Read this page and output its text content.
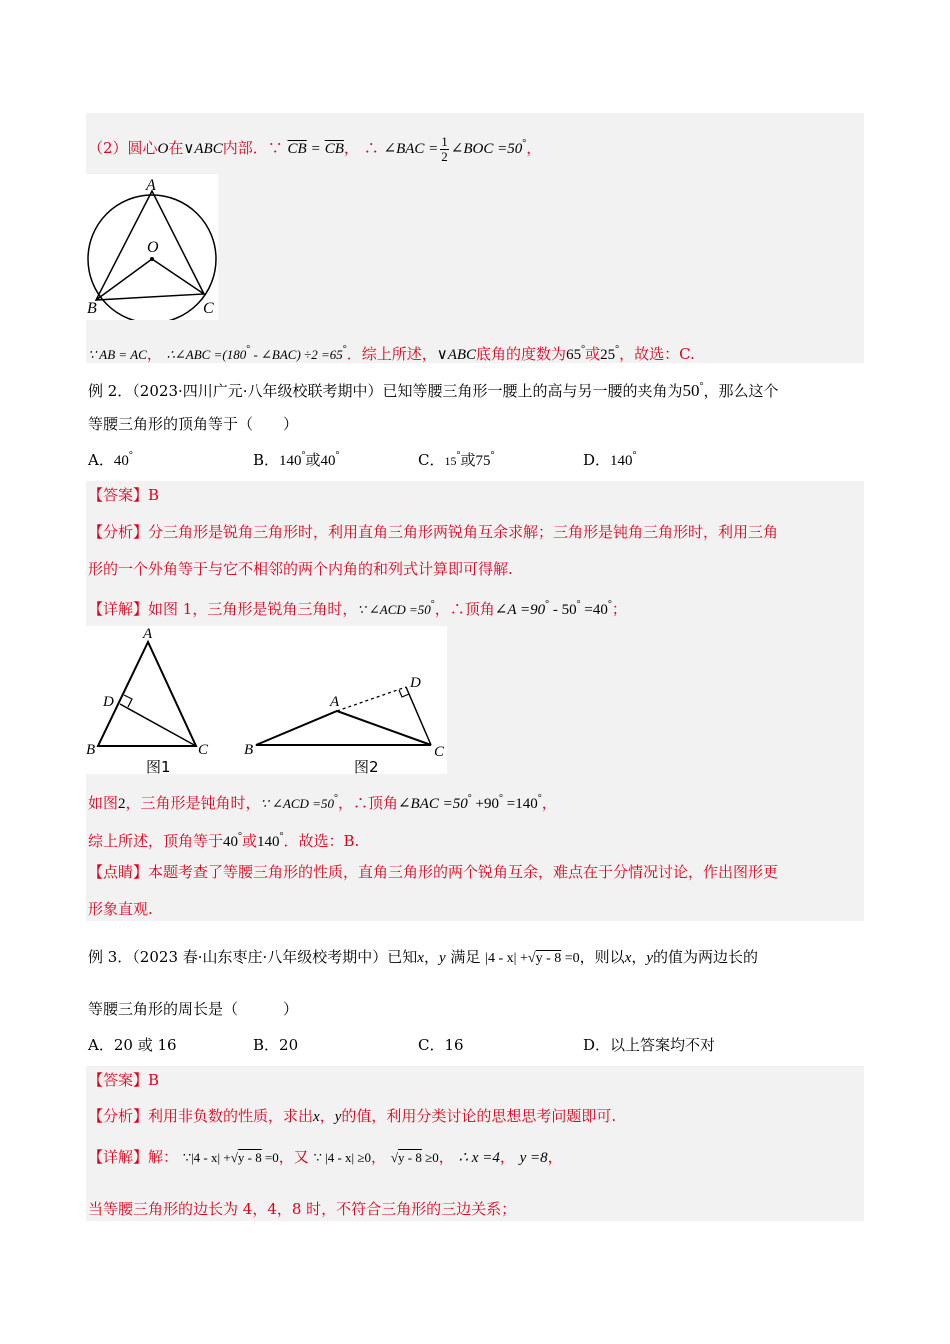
（2）圆心O在∨ABC内部．∵ $\overline{CB} = \overline{CB}$， ∴ ∠BAC = $\frac{1}{2}$ ∠BOC =50°，
A
O
B	C
∵ AB = AC， ∴∠ABC =(180° - ∠BAC) ÷2 =65°．综上所述，∨ABC底角的度数为65°或25°，故选：C.
例 2．（2023·四川广元·八年级校联考期中）已知等腰三角形一腰上的高与另一腰的夹角为50°，那么这个
等腰三角形的顶角等于（　　）
A．40°	B．140°或40°	C．15°或75°	D．140°
【答案】B
【分析】分三角形是锐角三角形时，利用直角三角形两锐角互余求解；三角形是钝角三角形时，利用三角
形的一个外角等于与它不相邻的两个内角的和列式计算即可得解.
【详解】如图 1，三角形是锐角三角时，∵ ∠ACD =50°，∴顶角∠A =90° - 50° =40°；
A
D
B	C
图1
A
D
B	C
图2
如图2，三角形是钝角时，∵ ∠ACD =50°，∴顶角∠BAC =50° +90° =140°，
综上所述，顶角等于40°或140°．故选：B.
【点睛】本题考查了等腰三角形的性质，直角三角形的两个锐角互余，难点在于分情况讨论，作出图形更
形象直观.
例 3．（2023 春·山东枣庄·八年级校考期中）已知x，y 满足 |4 - x| +√y - 8 =0，则以x，y的值为两边长的
等腰三角形的周长是（　　　）
A．20 或 16	B．20	C．16	D．以上答案均不对
【答案】B
【分析】利用非负数的性质，求出x，y的值，利用分类讨论的思想思考问题即可.
【详解】解： ∵|4 - x| +√y - 8 =0，又 ∵ |4 - x| ≥0， √y - 8 ≥0， ∴ x =4， y =8，
当等腰三角形的边长为 4，4，8 时，不符合三角形的三边关系；
